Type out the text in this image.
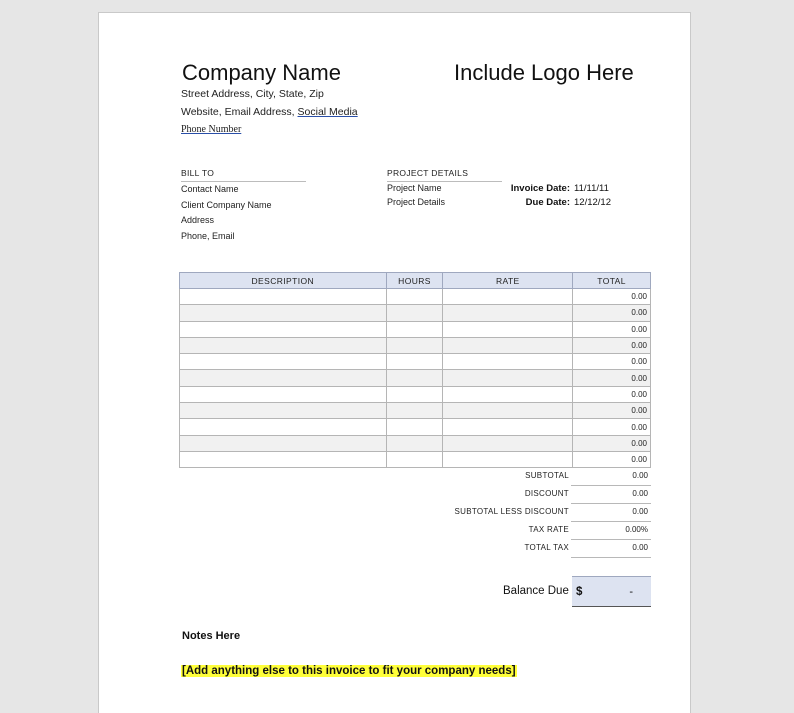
Company Name	Include Logo Here
Street Address, City, State, Zip
Website, Email Address, Social Media
Phone Number
BILL TO
Contact Name
Client Company Name
Address
Phone, Email
PROJECT DETAILS
Project Name
Project Details
Invoice Date: 11/11/11
Due Date: 12/12/12
DESCRIPTION	HOURS	RATE	TOTAL
			0.00
			0.00
			0.00
			0.00
			0.00
			0.00
			0.00
			0.00
			0.00
			0.00
			0.00
SUBTOTAL	0.00
DISCOUNT	0.00
SUBTOTAL LESS DISCOUNT	0.00
TAX RATE	0.00%
TOTAL TAX	0.00
Balance Due $	-
Notes Here
[Add anything else to this invoice to fit your company needs]
